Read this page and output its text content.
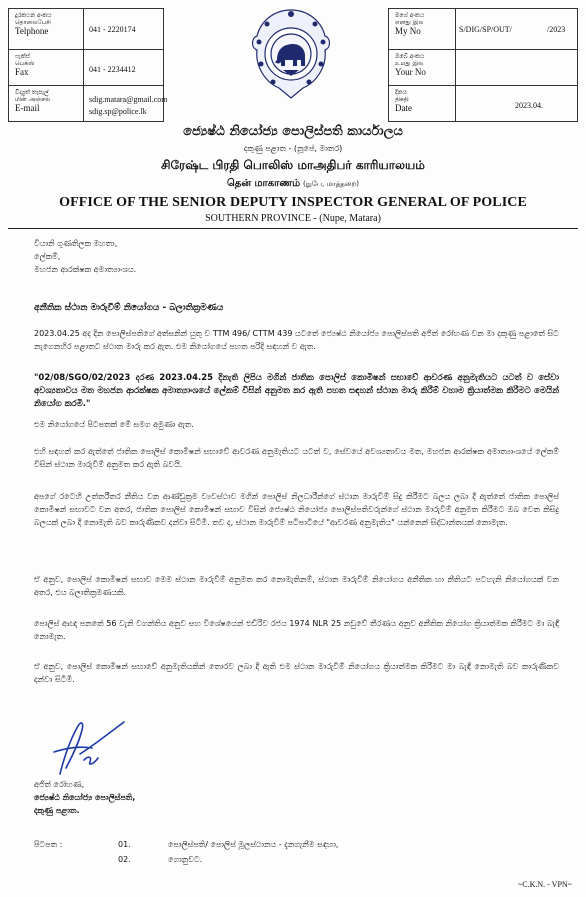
දුරකථන අංකය
தொலைபேசி
Telphone	041 - 2220174
ෆැක්ස්
பெக்ஸ்
Fax	041 - 2234412
විද්‍යුත් තැපැල්
மின் அஞ்சல்
E-mail
sdig.matara@gmail.com
sdig.sp@police.lk
මගේ අංකය
எனது இல
My No	S/DIG/SP/OUT/	/2023
ඔබේ අංකය
உமது இல
Your No
දිනය
திகதி
Date	2023.04.
ජ්‍යෙෂ්ඨ නියෝජ්‍ය පොලිස්පති කාර්යාලය
දකුණු පළාත - (නූපේ, මාතර)
சிரேஷ்ட பிரதி பொலிஸ் மாஅதிபர் காரியாலயம்
தென் மாகாணம் (நுபே, மாத்தறை)
OFFICE OF THE SENIOR DEPUTY INSPECTOR GENERAL OF POLICE
SOUTHERN PROVINCE - (Nupe, Matara)
වියානි ගුණතිලක මහතා,
ලේකම්,
මහජන ආරක්ෂක අමාත්‍යාංශය.
අනීතික ස්ථාන මාරුවීම් නියෝගය - බලාතික්‍රමණය
2023.04.25 අද දින පොලිස්පතිගේ අත්සනින් යුතු ව TTM 496/ CTTM 439 යටතේ ජ්‍යෙෂ්ඨ නියෝජ්‍ය පොලිස්පති අජිත් රෝහණ වන මා දකුණු පළාතේ සිට නැගෙනහිර පළාතට ස්ථාන මාරු කර ඇත. එම නියෝගයේ පහත පරිදි සඳහන් ව ඇත.
"02/08/SGO/02/2023 දරණ 2023.04.25 දිනැති ලිපිය මගින් ජාතික පොලිස් කොමිෂන් සභාවේ ආවරණ අනුමැතියට යටත් ව සේවා අවශ්‍යතාවය මත මහජන ආරක්ෂක අමාත්‍යාංශයේ ලේකම් විසින් අනුමත කර ඇති පහත සඳහන් ස්ථාන මාරු කිරීම් වහාම ක්‍රියාත්මක කිරීමට මෙයින් නියෝග කරමි."
එම නියෝගයේ පිටපතක් මේ සමග අමුණා ඇත.
එහි සඳහන් කර ඇත්තේ ජාතික පොලිස් කොමිෂන් සභාවේ ආවරණ අනුමැතියට යටත් ව, සේවයේ අවශ්‍යතාවය මත, මහජන ආරක්ෂක අමාත්‍යාංශයේ ලේකම් විසින් ස්ථාන මාරුවීම් අනුමත කර ඇති බවයි.
අපගේ රටෙහි උත්තරීතර නීතිය වන ආණ්ඩුක්‍රම ව්‍යවස්ථාව මගින් පොලිස් නිලධාරීන්ගේ ස්ථාන මාරුවීම් සිදු කිරීමට බලය ලබා දී ඇත්තේ ජාතික පොලිස් කොමිෂන් සභාවට වන අතර, ජාතික පොලිස් කොමිෂන් සභාව විසින් ජ්‍යෙෂ්ඨ නියෝජ්‍ය පොලිස්පතිවරුන්ගේ ස්ථාන මාරුවීම් අනුමත කිරීමට ඔබ වෙත කිසිදු බලයක් ලබා දී නොමැති බව කාරුණිකව දන්වා සිටිමි. තව ද, ස්ථාන මාරුවීම් පටිපාටියේ "ආවරණ අනුමැතිය" යන්නෙන් සිද්ධාන්තයක් නොමැත.
ඒ අනුව, පොලිස් කොමිෂන් සභාව මෙම ස්ථාන මාරුවීම් අනුමත කර නොමැතිනම්, ස්ථාන මාරුවීම් නියෝගය අනීතික හා නීතියට පටහැනි නියෝගයක් වන අතර, එය බලාතික්‍රමණයකි.
පොලිස් ආඥා පනතේ 56 වැනි වගන්තිය අනුව සහ විශේෂයෙන් එඩිරිව රජය 1974 NLR 25 නඩුවේ තීරණය අනුව අනීතික නියෝග ක්‍රියාත්මක කිරීමට මා බැඳී නොමැත.
ඒ අනුව, පොලිස් කොමිෂන් සභාවේ අනුමැතියකින් තොරව ලබා දී ඇති එම ස්ථාන මාරුවීම් නියෝගය ක්‍රියාත්මක කිරීමට මා බැඳී නොමැති බව කාරුණිකව දන්වා සිටිමි.
අජිත් රෝහණ,
ජ්‍යෙෂ්ඨ නියෝජ්‍ය පොලිස්පති,
දකුණු පළාත.
පිටපත :	01.	පොලිස්පති/ පොලිස් මූලස්ථානය - දැනගැනීම සඳහා,
02.	ගොනුවට.
~C.K.N. - VPN~
